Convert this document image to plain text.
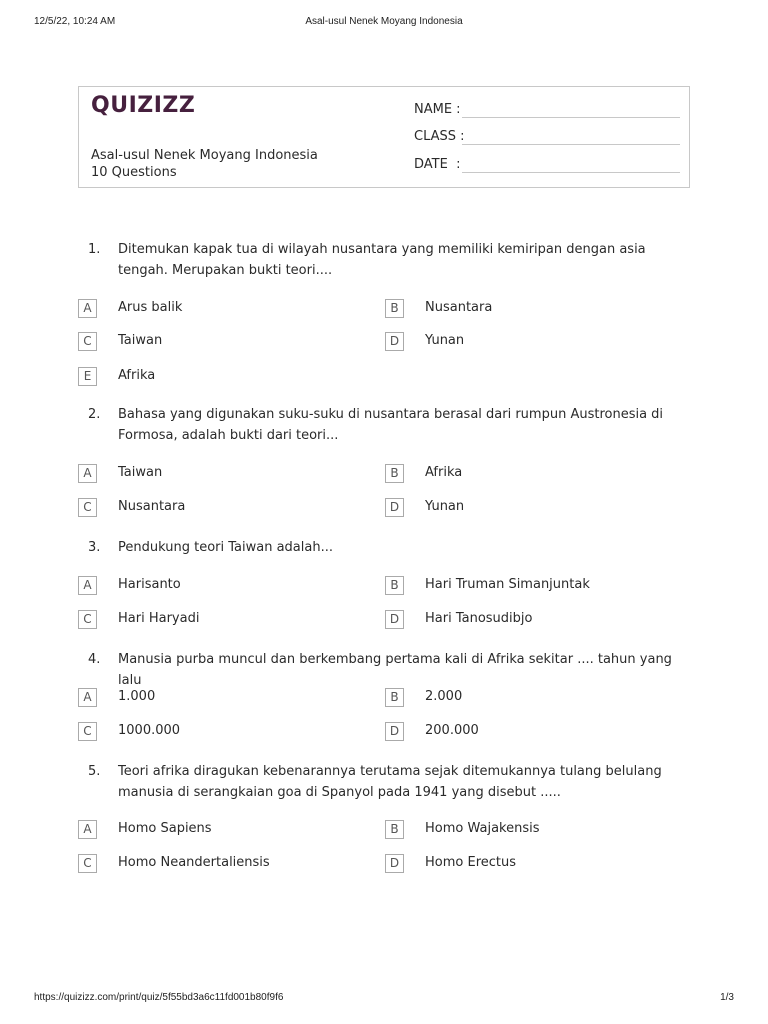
12/5/22, 10:24 AM	Asal-usul Nenek Moyang Indonesia
QUIZIZZ
Asal-usul Nenek Moyang Indonesia
10 Questions
NAME :
CLASS :
DATE  :
1. Ditemukan kapak tua di wilayah nusantara yang memiliki kemiripan dengan asia tengah. Merupakan bukti teori....
A	Arus balik	B	Nusantara
C	Taiwan	D	Yunan
E	Afrika
2. Bahasa yang digunakan suku-suku di nusantara berasal dari rumpun Austronesia di Formosa, adalah bukti dari teori...
A	Taiwan	B	Afrika
C	Nusantara	D	Yunan
3. Pendukung teori Taiwan adalah...
A	Harisanto	B	Hari Truman Simanjuntak
C	Hari Haryadi	D	Hari Tanosudibjo
4. Manusia purba muncul dan berkembang pertama kali di Afrika sekitar .... tahun yang lalu
A	1.000	B	2.000
C	1000.000	D	200.000
5. Teori afrika diragukan kebenarannya terutama sejak ditemukannya tulang belulang manusia di serangkaian goa di Spanyol pada 1941 yang disebut .....
A	Homo Sapiens	B	Homo Wajakensis
C	Homo Neandertaliensis	D	Homo Erectus
https://quizizz.com/print/quiz/5f55bd3a6c11fd001b80f9f6	1/3
